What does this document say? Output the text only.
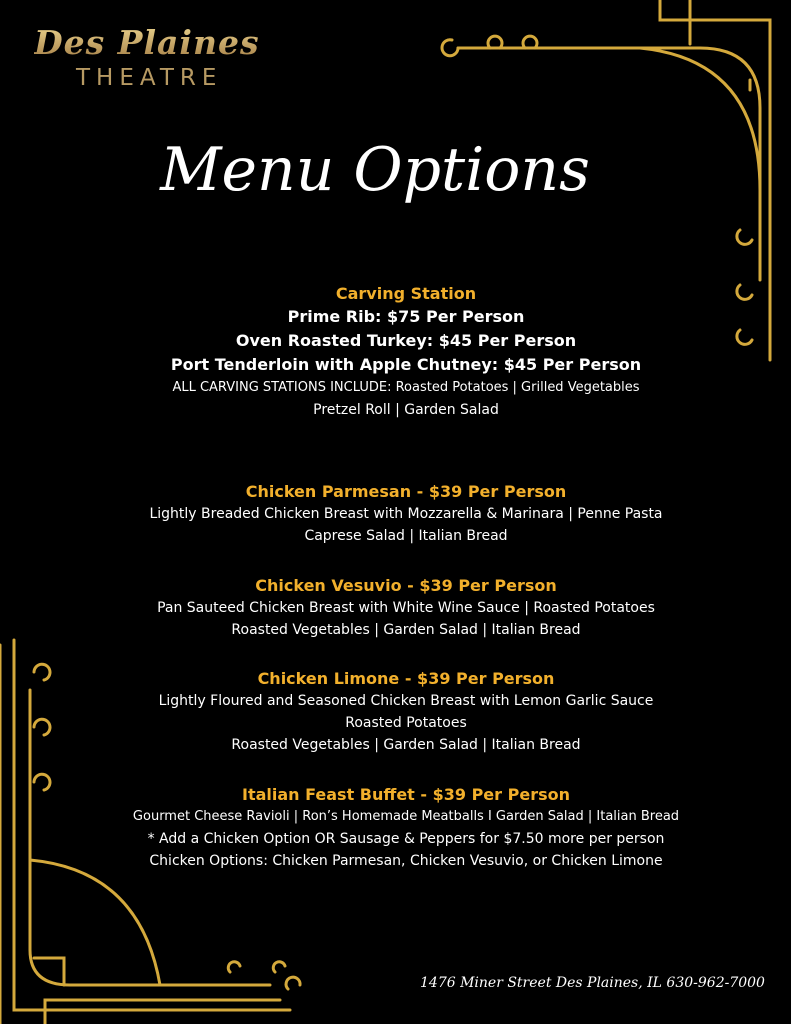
Des Plaines
THEATRE
Menu Options
Carving Station
Prime Rib: $75 Per Person
Oven Roasted Turkey: $45 Per Person
Port Tenderloin with Apple Chutney: $45 Per Person
ALL CARVING STATIONS INCLUDE: Roasted Potatoes | Grilled Vegetables
Pretzel Roll | Garden Salad
Chicken Parmesan - $39 Per Person
Lightly Breaded Chicken Breast with Mozzarella & Marinara | Penne Pasta
Caprese Salad | Italian Bread
Chicken Vesuvio - $39 Per Person
Pan Sauteed Chicken Breast with White Wine Sauce | Roasted Potatoes
Roasted Vegetables | Garden Salad | Italian Bread
Chicken Limone - $39 Per Person
Lightly Floured and Seasoned Chicken Breast with Lemon Garlic Sauce
Roasted Potatoes
Roasted Vegetables | Garden Salad | Italian Bread
Italian Feast Buffet - $39 Per Person
Gourmet Cheese Ravioli | Ron’s Homemade Meatballs I Garden Salad | Italian Bread
* Add a Chicken Option OR Sausage & Peppers for $7.50 more per person
Chicken Options: Chicken Parmesan, Chicken Vesuvio, or Chicken Limone
1476 Miner Street Des Plaines, IL 630-962-7000
